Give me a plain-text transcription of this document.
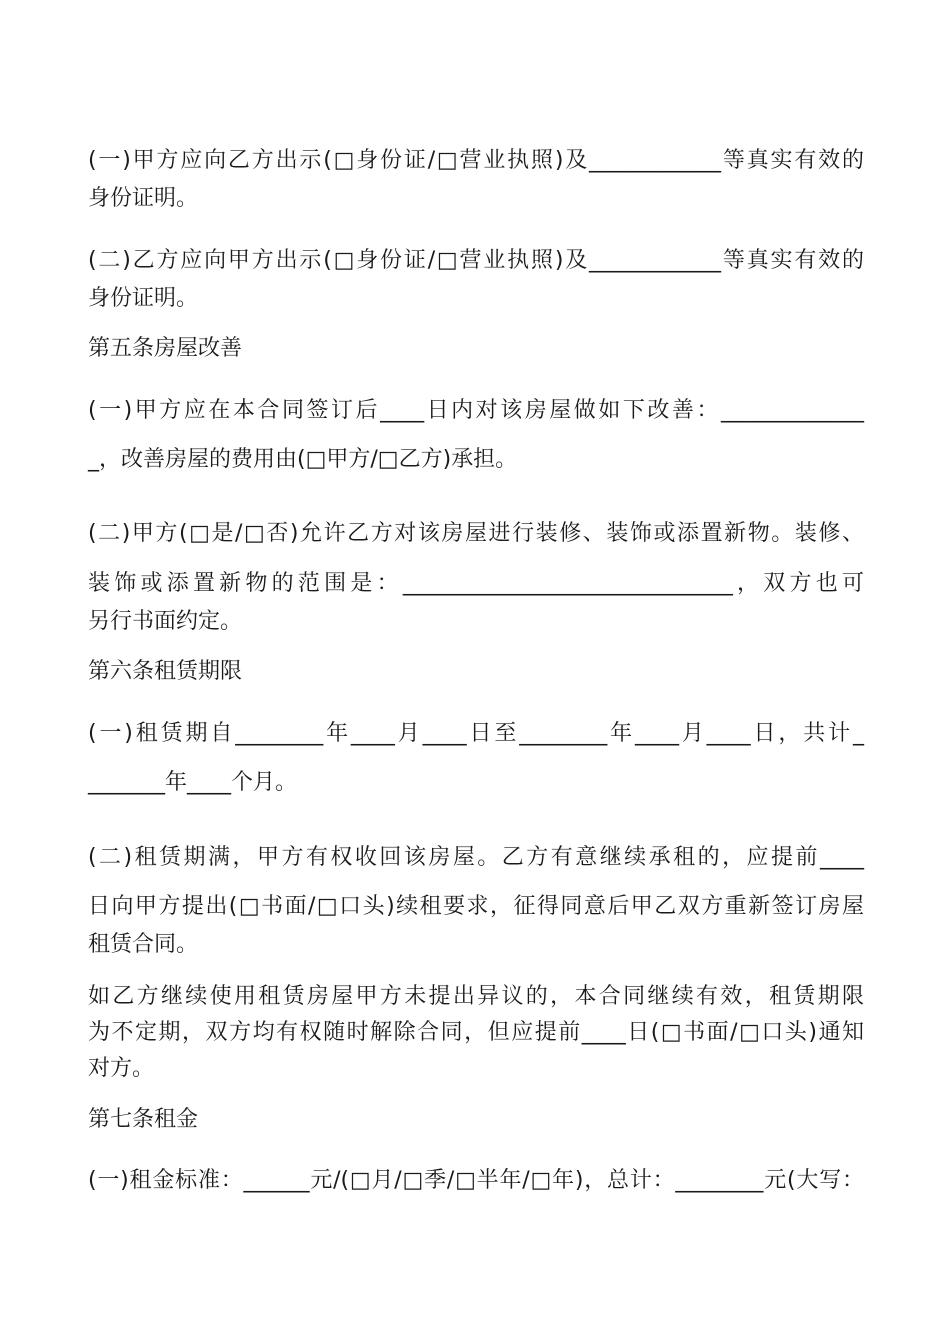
(一)甲方应向乙方出示(□身份证/□营业执照)及____________等真实有效的
身份证明。
(二)乙方应向甲方出示(□身份证/□营业执照)及____________等真实有效的
身份证明。
第五条房屋改善
(一)甲方应在本合同签订后____日内对该房屋做如下改善：_____________
_，改善房屋的费用由(□甲方/□乙方)承担。
(二)甲方(□是/□否)允许乙方对该房屋进行装修、装饰或添置新物。装修、
装饰或添置新物的范围是：______________________________，双方也可
另行书面约定。
第六条租赁期限
(一)租赁期自________年____月____日至________年____月____日，共计_
_______年____个月。
(二)租赁期满，甲方有权收回该房屋。乙方有意继续承租的，应提前____
日向甲方提出(□书面/□口头)续租要求，征得同意后甲乙双方重新签订房屋
租赁合同。
如乙方继续使用租赁房屋甲方未提出异议的，本合同继续有效，租赁期限
为不定期，双方均有权随时解除合同，但应提前____日(□书面/□口头)通知
对方。
第七条租金
(一)租金标准：______元/(□月/□季/□半年/□年)，总计：________元(大写：
